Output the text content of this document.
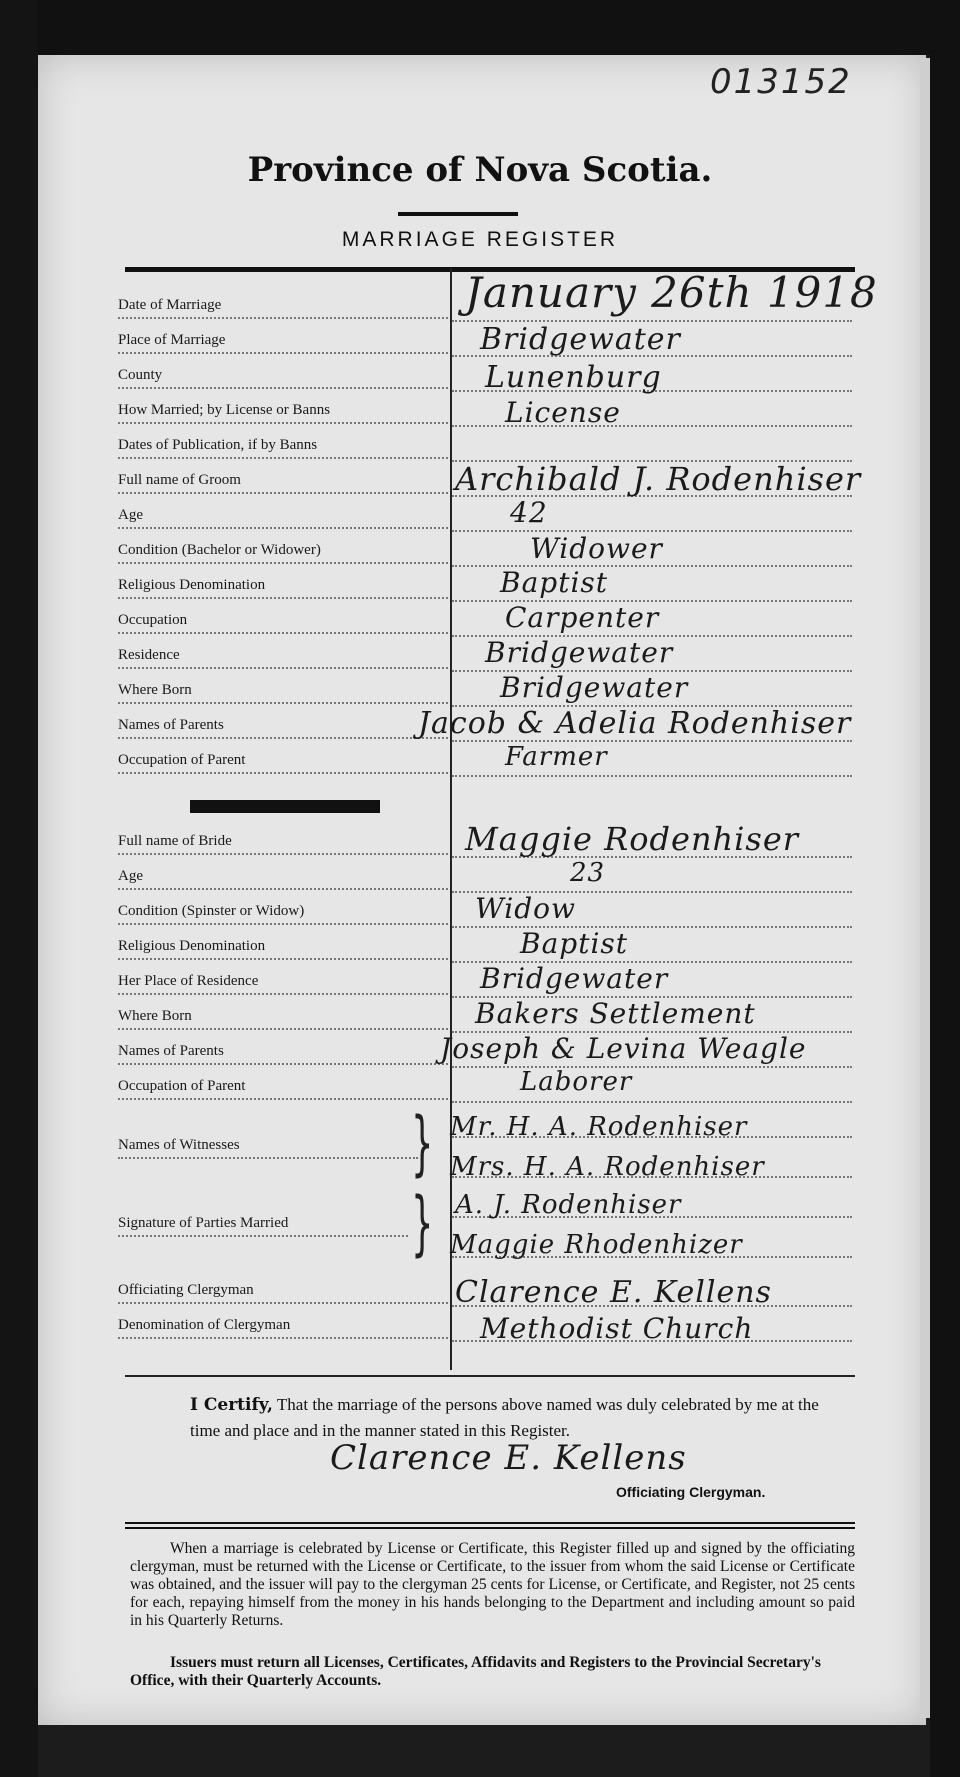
013152
Province of Nova Scotia.
MARRIAGE REGISTER
Date of Marriage
Place of Marriage
County
How Married; by License or Banns
Dates of Publication, if by Banns
Full name of Groom
Age
Condition (Bachelor or Widower)
Religious Denomination
Occupation
Residence
Where Born
Names of Parents
Occupation of Parent
Full name of Bride
Age
Condition (Spinster or Widow)
Religious Denomination
Her Place of Residence
Where Born
Names of Parents
Occupation of Parent
Names of Witnesses	}
Signature of Parties Married	}
Officiating Clergyman
Denomination of Clergyman
January 26th 1918
Bridgewater
Lunenburg
License
Archibald J. Rodenhiser
42
Widower
Baptist
Carpenter
Bridgewater
Bridgewater
Jacob & Adelia Rodenhiser
Farmer
Maggie Rodenhiser
23
Widow
Baptist
Bridgewater
Bakers Settlement
Joseph & Levina Weagle
Laborer
Mr. H. A. Rodenhiser
Mrs. H. A. Rodenhiser
A. J. Rodenhiser
Maggie Rhodenhizer
Clarence E. Kellens
Methodist Church
I Certify, That the marriage of the persons above named was duly celebrated by me at the time and place and in the manner stated in this Register.
Clarence E. Kellens
Officiating Clergyman.
When a marriage is celebrated by License or Certificate, this Register filled up and signed by the officiating clergyman, must be returned with the License or Certificate, to the issuer from whom the said License or Certificate was obtained, and the issuer will pay to the clergyman 25 cents for License, or Certificate, and Register, not 25 cents for each, repaying himself from the money in his hands belonging to the Department and including amount so paid in his Quarterly Returns.
Issuers must return all Licenses, Certificates, Affidavits and Registers to the Provincial Secretary's Office, with their Quarterly Accounts.
